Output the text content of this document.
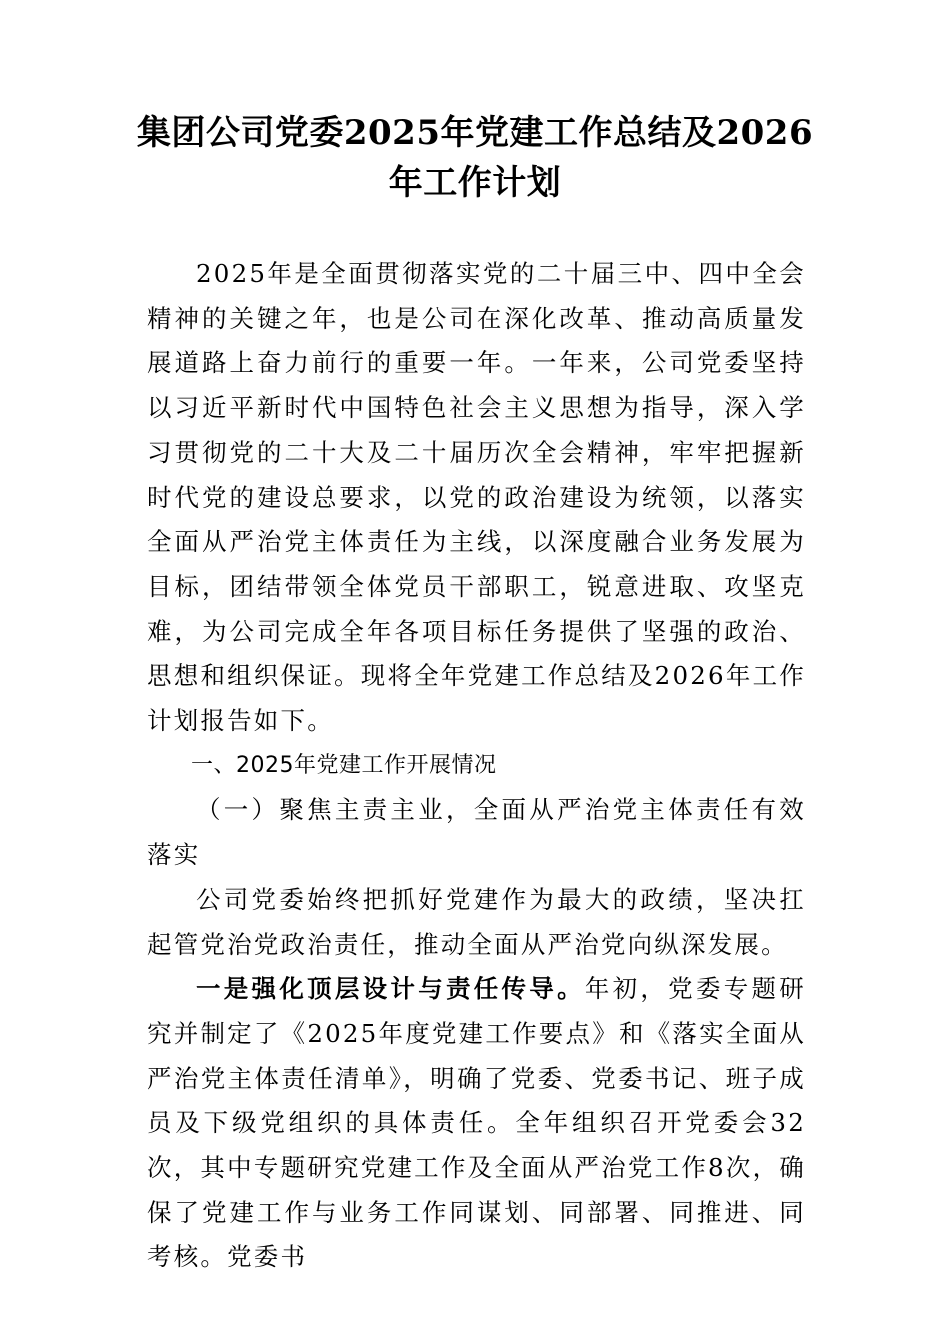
集团公司党委2025年党建工作总结及2026年工作计划

2025年是全面贯彻落实党的二十届三中、四中全会精神的关键之年，也是公司在深化改革、推动高质量发展道路上奋力前行的重要一年。一年来，公司党委坚持以习近平新时代中国特色社会主义思想为指导，深入学习贯彻党的二十大及二十届历次全会精神，牢牢把握新时代党的建设总要求，以党的政治建设为统领，以落实全面从严治党主体责任为主线，以深度融合业务发展为目标，团结带领全体党员干部职工，锐意进取、攻坚克难，为公司完成全年各项目标任务提供了坚强的政治、思想和组织保证。现将全年党建工作总结及2026年工作计划报告如下。

一、2025年党建工作开展情况

（一）聚焦主责主业，全面从严治党主体责任有效落实

公司党委始终把抓好党建作为最大的政绩，坚决扛起管党治党政治责任，推动全面从严治党向纵深发展。

一是强化顶层设计与责任传导。年初，党委专题研究并制定了《2025年度党建工作要点》和《落实全面从严治党主体责任清单》，明确了党委、党委书记、班子成员及下级党组织的具体责任。全年组织召开党委会32次，其中专题研究党建工作及全面从严治党工作8次，确保了党建工作与业务工作同谋划、同部署、同推进、同考核。党委书
